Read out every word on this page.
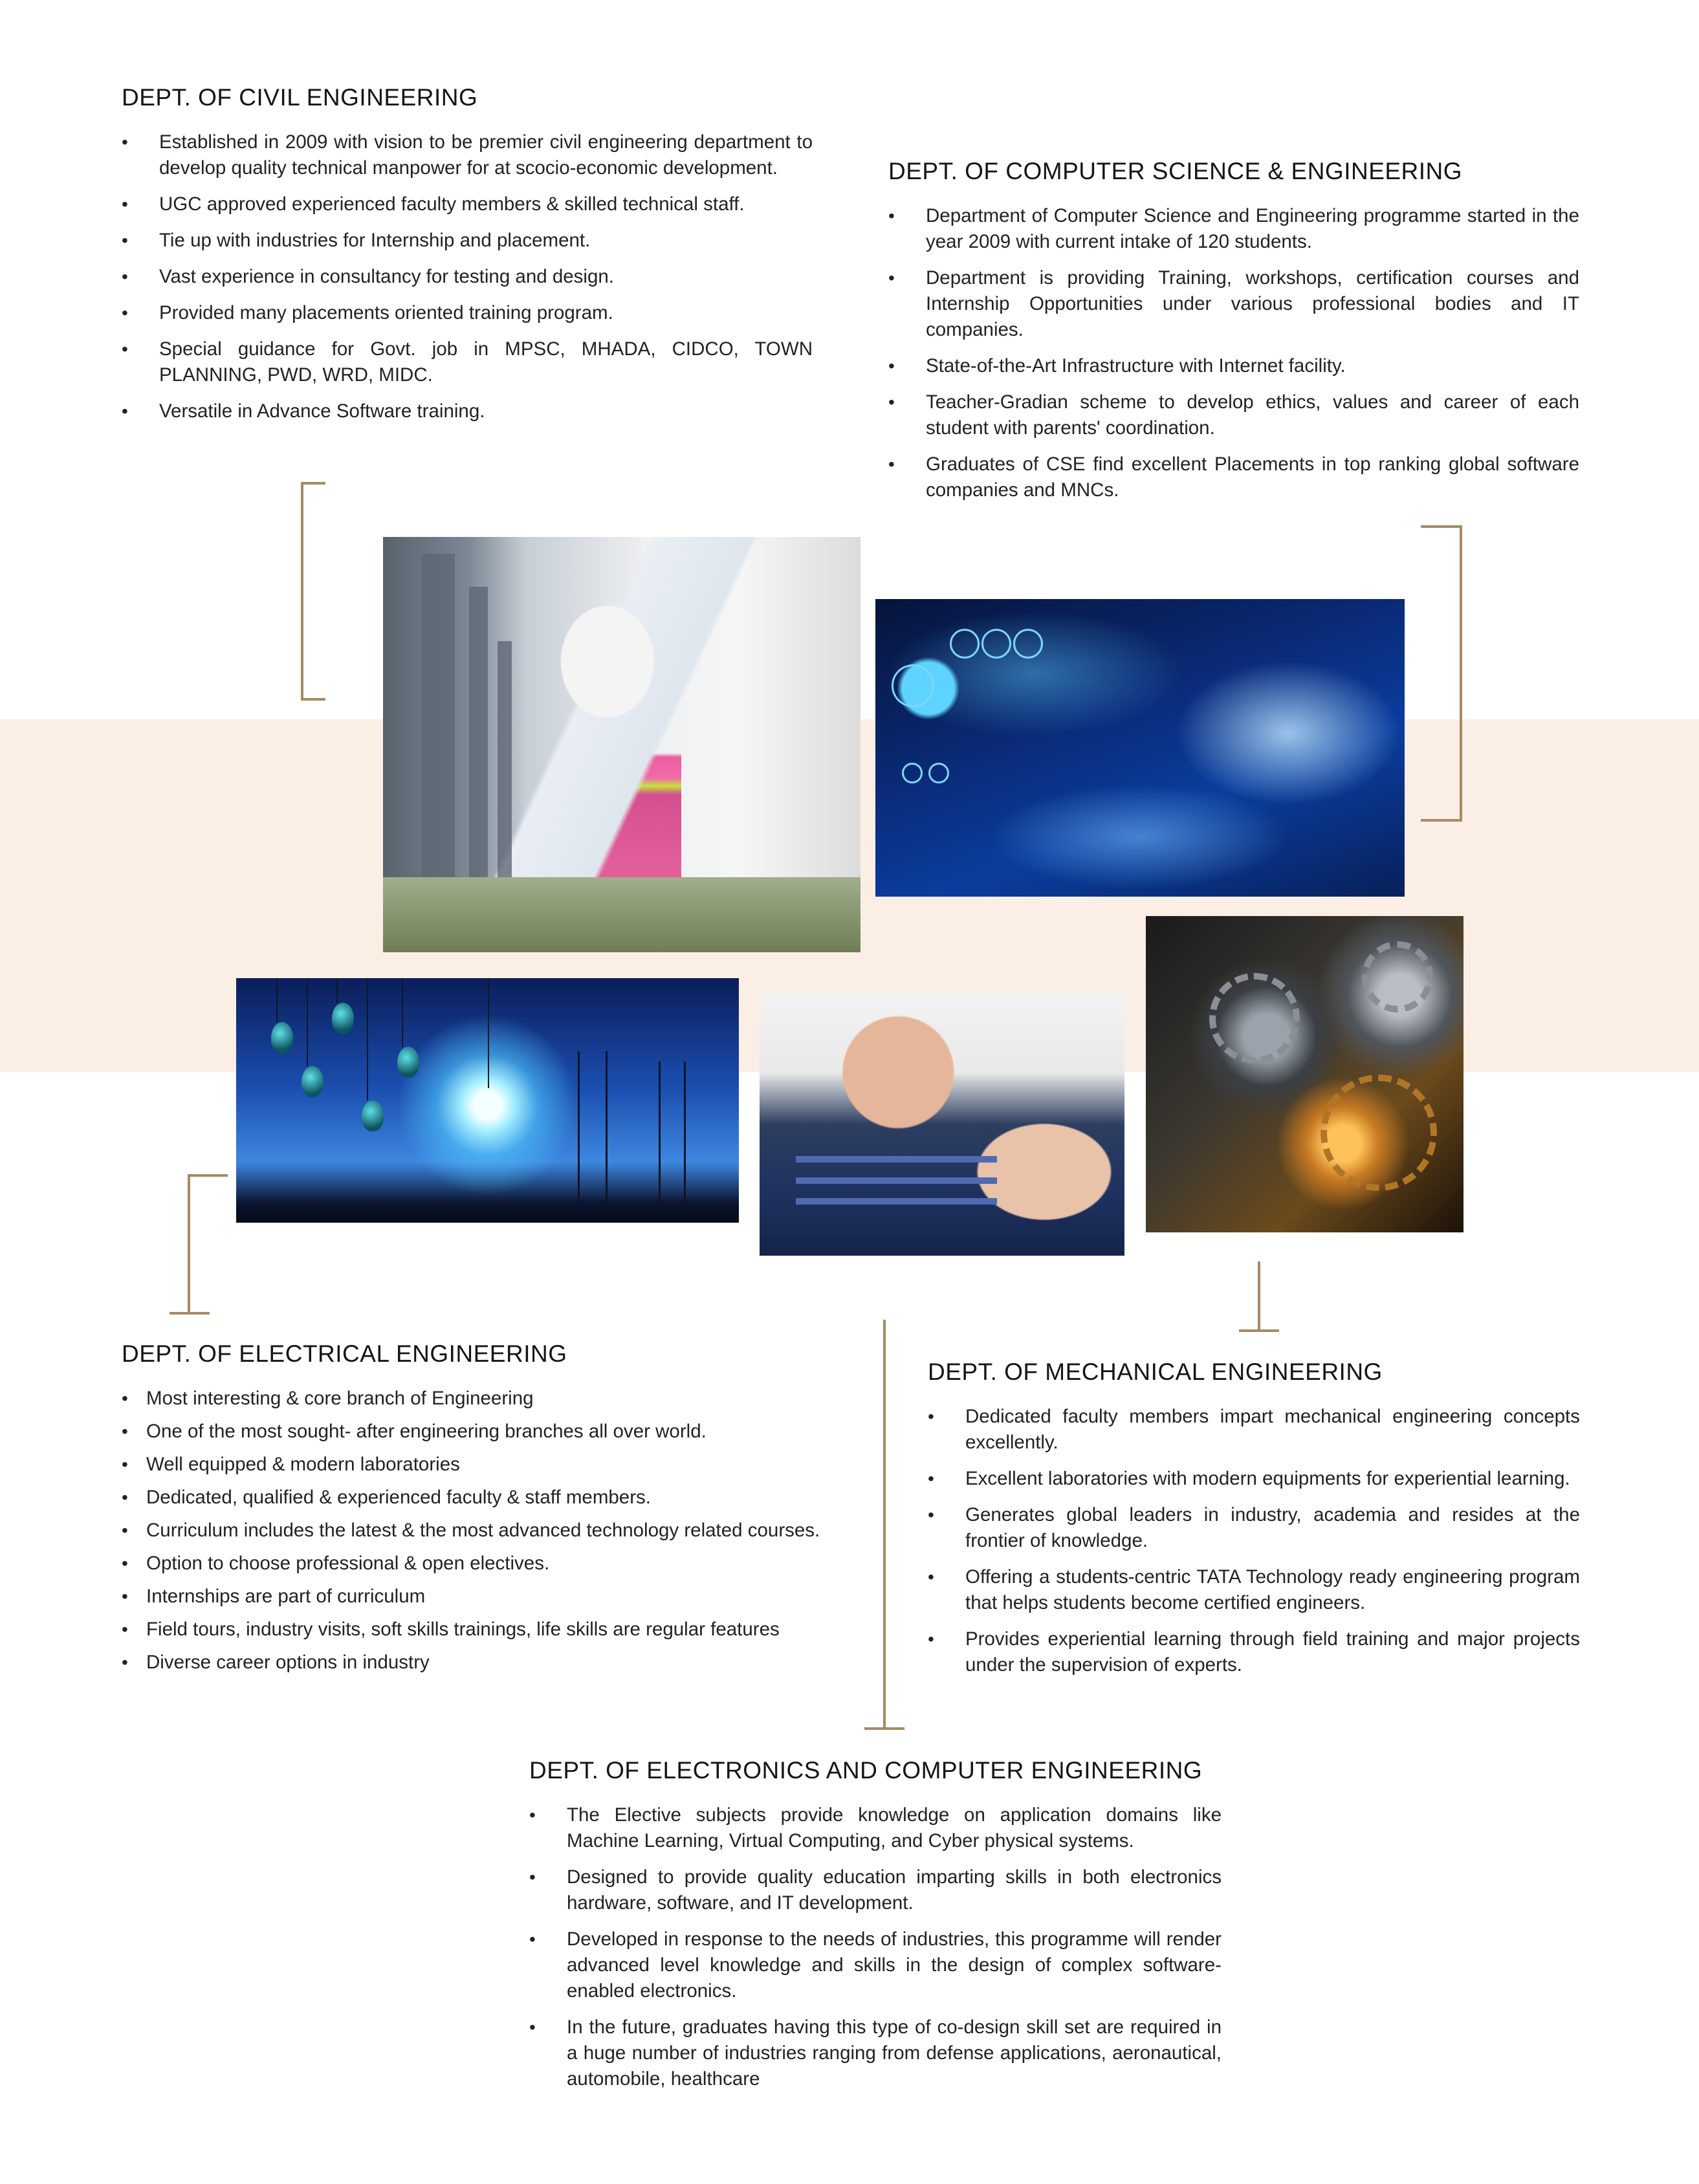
DEPT. OF CIVIL ENGINEERING
• Established in 2009 with vision to be premier civil engineering department to develop quality technical manpower for at scocio-economic development.
• UGC approved experienced faculty members & skilled technical staff.
• Tie up with industries for Internship and placement.
• Vast experience in consultancy for testing and design.
• Provided many placements oriented training program.
• Special guidance for Govt. job in MPSC, MHADA, CIDCO, TOWN PLANNING, PWD, WRD, MIDC.
• Versatile in Advance Software training.
DEPT. OF COMPUTER SCIENCE & ENGINEERING
• Department of Computer Science and Engineering programme started in the year 2009 with current intake of 120 students.
• Department is providing Training, workshops, certification courses and Internship Opportunities under various professional bodies and IT companies.
• State-of-the-Art Infrastructure with Internet facility.
• Teacher-Gradian scheme to develop ethics, values and career of each student with parents' coordination.
• Graduates of CSE find excellent Placements in top ranking global software companies and MNCs.
DEPT. OF ELECTRICAL ENGINEERING
• Most interesting & core branch of Engineering
• One of the most sought- after engineering branches all over world.
• Well equipped & modern laboratories
• Dedicated, qualified & experienced faculty & staff members.
• Curriculum includes the latest & the most advanced technology related courses.
• Option to choose professional & open electives.
• Internships are part of curriculum
• Field tours, industry visits, soft skills trainings, life skills are regular features
• Diverse career options in industry
DEPT. OF MECHANICAL ENGINEERING
• Dedicated faculty members impart mechanical engineering concepts excellently.
• Excellent laboratories with modern equipments for experiential learning.
• Generates global leaders in industry, academia and resides at the frontier of knowledge.
• Offering a students-centric TATA Technology ready engineering program that helps students become certified engineers.
• Provides experiential learning through field training and major projects under the supervision of experts.
DEPT. OF ELECTRONICS AND COMPUTER ENGINEERING
• The Elective subjects provide knowledge on application domains like Machine Learning, Virtual Computing, and Cyber physical systems.
• Designed to provide quality education imparting skills in both electronics hardware, software, and IT development.
• Developed in response to the needs of industries, this programme will render advanced level knowledge and skills in the design of complex software-enabled electronics.
• In the future, graduates having this type of co-design skill set are required in a huge number of industries ranging from defense applications, aeronautical, automobile, healthcare
